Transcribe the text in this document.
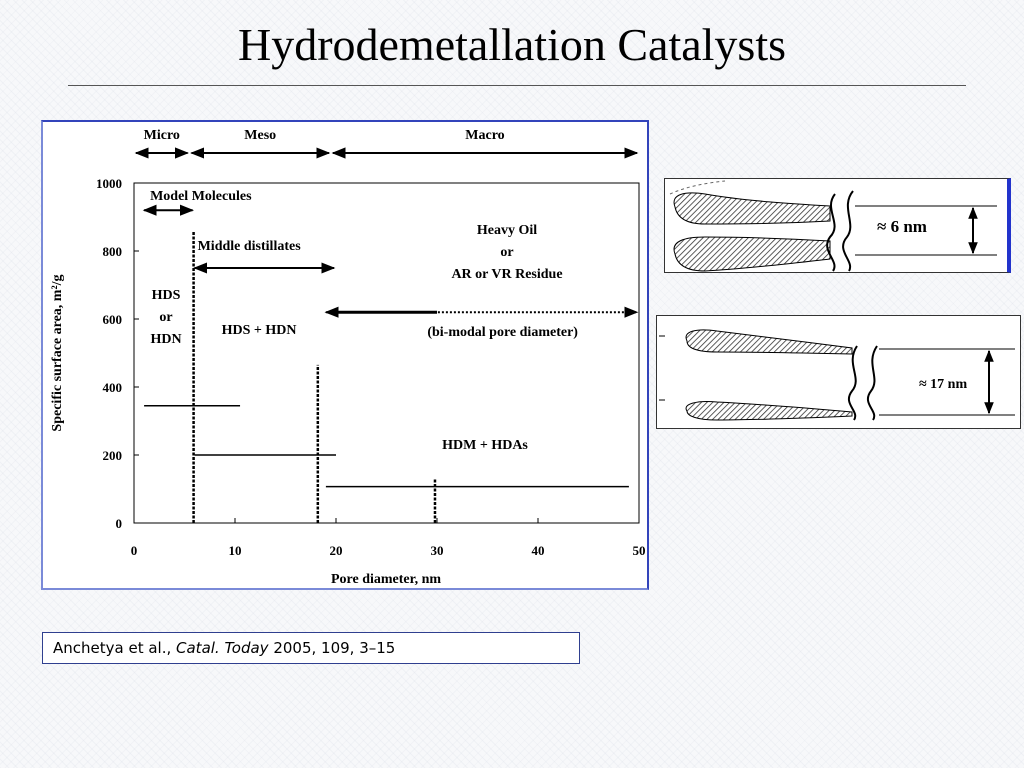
Hydrodemetallation Catalysts
0	10	20	30	40	50
0
200
400
600
800
1000
Pore diameter, nm
Specific surface area, m²/g
Micro	Meso	Macro
Model Molecules
Middle distillates
(bi-modal pore diameter)
Heavy Oil
or
AR or VR Residue
HDS
or
HDN
HDS + HDN
HDM + HDAs
≈ 6 nm
≈ 17 nm
Anchetya et al., Catal. Today 2005, 109, 3–15
